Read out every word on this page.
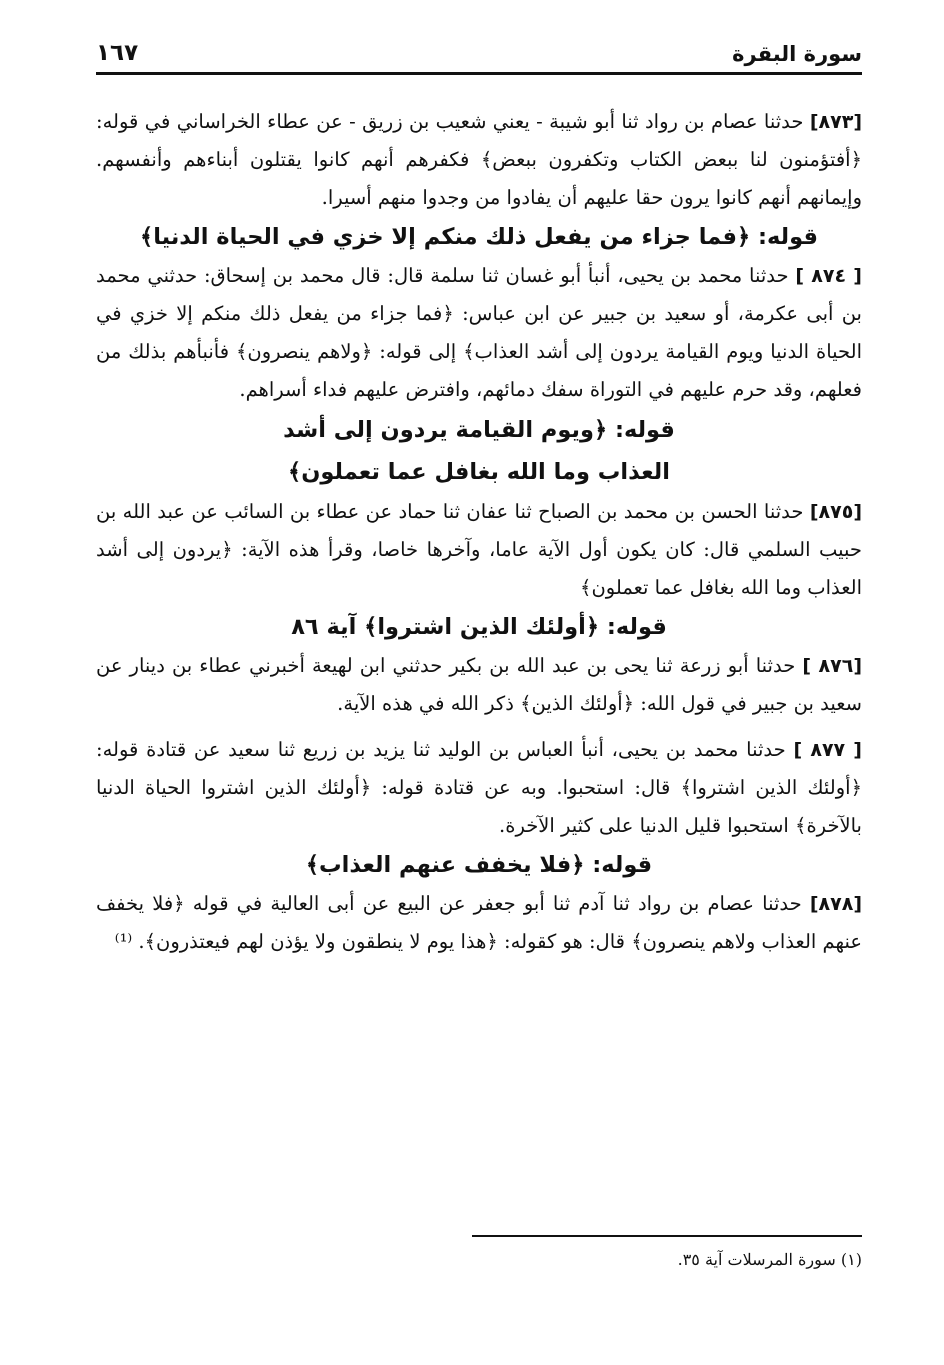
سورة البقرة
١٦٧

[٨٧٣] حدثنا عصام بن رواد ثنا أبو شيبة - يعني شعيب بن زريق - عن عطاء الخراساني في قوله: ﴿أفتؤمنون لنا ببعض الكتاب وتكفرون ببعض﴾ فكفرهم أنهم كانوا يقتلون أبناءهم وأنفسهم. وإيمانهم أنهم كانوا يرون حقا عليهم أن يفادوا من وجدوا منهم أسيرا.

قوله: ﴿فما جزاء من يفعل ذلك منكم إلا خزي في الحياة الدنيا﴾

[ ٨٧٤ ] حدثنا محمد بن يحيى، أنبأ أبو غسان ثنا سلمة قال: قال محمد بن إسحاق: حدثني محمد بن أبى عكرمة، أو سعيد بن جبير عن ابن عباس: ﴿فما جزاء من يفعل ذلك منكم إلا خزي في الحياة الدنيا ويوم القيامة يردون إلى أشد العذاب﴾ إلى قوله: ﴿ولاهم ينصرون﴾ فأنبأهم بذلك من فعلهم، وقد حرم عليهم في التوراة سفك دمائهم، وافترض عليهم فداء أسراهم.

قوله: ﴿ويوم القيامة يردون إلى أشد
العذاب وما الله بغافل عما تعملون﴾

[٨٧٥] حدثنا الحسن بن محمد بن الصباح ثنا عفان ثنا حماد عن عطاء بن السائب عن عبد الله بن حبيب السلمي قال: كان يكون أول الآية عاما، وآخرها خاصا، وقرأ هذه الآية: ﴿يردون إلى أشد العذاب وما الله بغافل عما تعملون﴾

قوله: ﴿أولئك الذين اشتروا﴾ آية ٨٦

[٨٧٦ ] حدثنا أبو زرعة ثنا يحى بن عبد الله بن بكير حدثني ابن لهيعة أخبرني عطاء بن دينار عن سعيد بن جبير في قول الله: ﴿أولئك الذين﴾ ذكر الله في هذه الآية.

[ ٨٧٧ ] حدثنا محمد بن يحيى، أنبأ العباس بن الوليد ثنا يزيد بن زريع ثنا سعيد عن قتادة قوله: ﴿أولئك الذين اشتروا﴾ قال: استحبوا. وبه عن قتادة قوله: ﴿أولئك الذين اشتروا الحياة الدنيا بالآخرة﴾ استحبوا قليل الدنيا على كثير الآخرة.

قوله: ﴿فلا يخفف عنهم العذاب﴾

[٨٧٨] حدثنا عصام بن رواد ثنا آدم ثنا أبو جعفر عن البيع عن أبى العالية في قوله ﴿فلا يخفف عنهم العذاب ولاهم ينصرون﴾ قال: هو كقوله: ﴿هذا يوم لا ينطقون ولا يؤذن لهم فيعتذرون﴾. ⁽¹⁾

(١) سورة المرسلات آية ٣٥.
